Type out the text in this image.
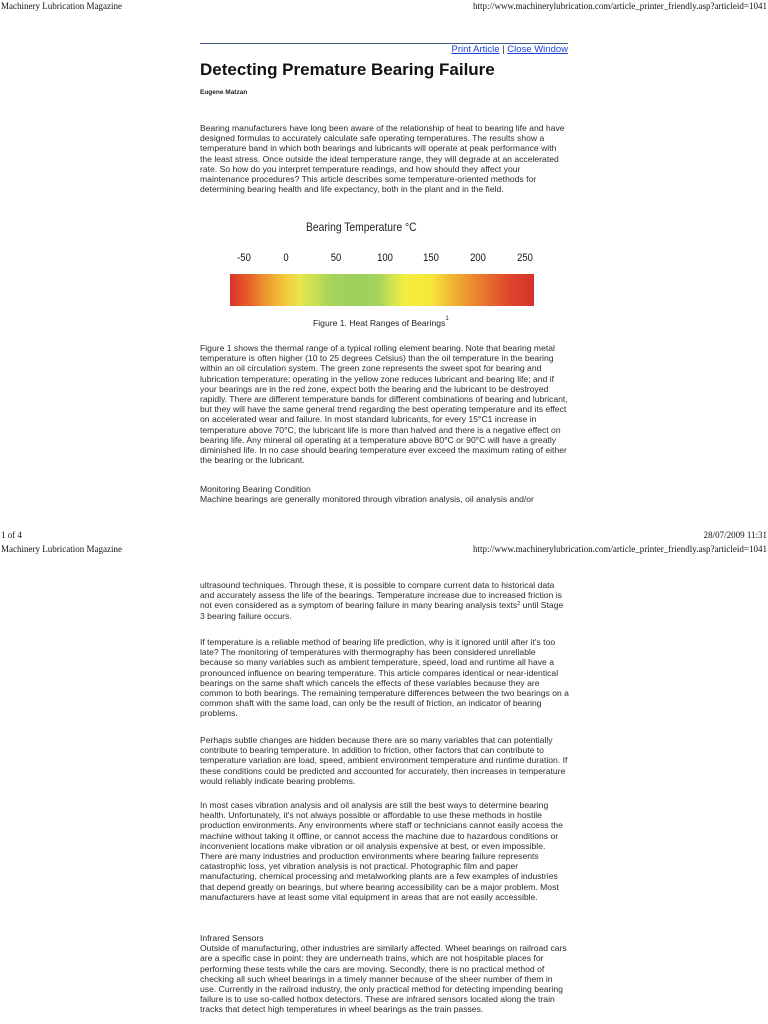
Machinery Lubrication Magazine	http://www.machinerylubrication.com/article_printer_friendly.asp?articleid=1041
Print Article | Close Window
Detecting Premature Bearing Failure
Eugene Matzan

Bearing manufacturers have long been aware of the relationship of heat to bearing life and have designed formulas to accurately calculate safe operating temperatures. The results show a temperature band in which both bearings and lubricants will operate at peak performance with the least stress. Once outside the ideal temperature range, they will degrade at an accelerated rate. So how do you interpret temperature readings, and how should they affect your maintenance procedures? This article describes some temperature-oriented methods for determining bearing health and life expectancy, both in the plant and in the field.

Bearing Temperature °C
-50	0	50	100	150	200	250
Figure 1. Heat Ranges of Bearings$^1$

Figure 1 shows the thermal range of a typical rolling element bearing. Note that bearing metal temperature is often higher (10 to 25 degrees Celsius) than the oil temperature in the bearing within an oil circulation system. The green zone represents the sweet spot for bearing and lubrication temperature; operating in the yellow zone reduces lubricant and bearing life; and if your bearings are in the red zone, expect both the bearing and the lubricant to be destroyed rapidly. There are different temperature bands for different combinations of bearing and lubricant, but they will have the same general trend regarding the best operating temperature and its effect on accelerated wear and failure. In most standard lubricants, for every 15°C1 increase in temperature above 70°C, the lubricant life is more than halved and there is a negative effect on bearing life. Any mineral oil operating at a temperature above 80°C or 90°C will have a greatly diminished life. In no case should bearing temperature ever exceed the maximum rating of either the bearing or the lubricant.

Monitoring Bearing Condition

Machine bearings are generally monitored through vibration analysis, oil analysis and/or

1 of 4	28/07/2009 11:31
Machinery Lubrication Magazine	http://www.machinerylubrication.com/article_printer_friendly.asp?articleid=1041

ultrasound techniques. Through these, it is possible to compare current data to historical data and accurately assess the life of the bearings. Temperature increase due to increased friction is not even considered as a symptom of bearing failure in many bearing analysis texts$^2$ until Stage 3 bearing failure occurs.

If temperature is a reliable method of bearing life prediction, why is it ignored until after it's too late? The monitoring of temperatures with thermography has been considered unreliable because so many variables such as ambient temperature, speed, load and runtime all have a pronounced influence on bearing temperature. This article compares identical or near-identical bearings on the same shaft which cancels the effects of these variables because they are common to both bearings. The remaining temperature differences between the two bearings on a common shaft with the same load, can only be the result of friction, an indicator of bearing problems.

Perhaps subtle changes are hidden because there are so many variables that can potentially contribute to bearing temperature. In addition to friction, other factors that can contribute to temperature variation are load, speed, ambient environment temperature and runtime duration. If these conditions could be predicted and accounted for accurately, then increases in temperature would reliably indicate bearing problems.

In most cases vibration analysis and oil analysis are still the best ways to determine bearing health. Unfortunately, it's not always possible or affordable to use these methods in hostile production environments. Any environments where staff or technicians cannot easily access the machine without taking it offline, or cannot access the machine due to hazardous conditions or inconvenient locations make vibration or oil analysis expensive at best, or even impossible. There are many industries and production environments where bearing failure represents catastrophic loss, yet vibration analysis is not practical. Photographic film and paper manufacturing, chemical processing and metalworking plants are a few examples of industries that depend greatly on bearings, but where bearing accessibility can be a major problem. Most manufacturers have at least some vital equipment in areas that are not easily accessible.

Infrared Sensors

Outside of manufacturing, other industries are similarly affected. Wheel bearings on railroad cars are a specific case in point: they are underneath trains, which are not hospitable places for performing these tests while the cars are moving. Secondly, there is no practical method of checking all such wheel bearings in a timely manner because of the sheer number of them in use. Currently in the railroad industry, the only practical method for detecting impending bearing failure is to use so-called hotbox detectors. These are infrared sensors located along the train tracks that detect high temperatures in wheel bearings as the train passes.
